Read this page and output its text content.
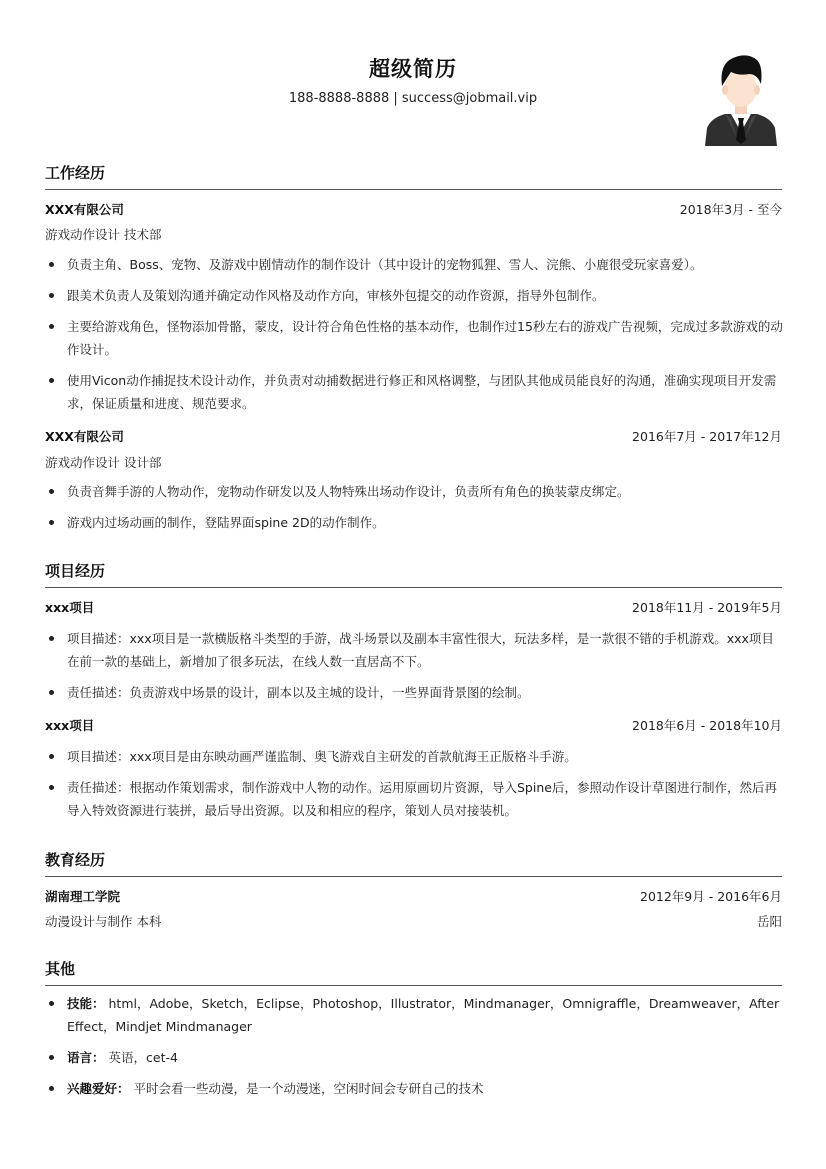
超级简历
188-8888-8888 | success@jobmail.vip
工作经历
XXX有限公司	2018年3月 - 至今
游戏动作设计 技术部
负责主角、Boss、宠物、及游戏中剧情动作的制作设计（其中设计的宠物狐狸、雪人、浣熊、小鹿很受玩家喜爱）。
跟美术负责人及策划沟通并确定动作风格及动作方向，审核外包提交的动作资源，指导外包制作。
主要给游戏角色，怪物添加骨骼，蒙皮，设计符合角色性格的基本动作，也制作过15秒左右的游戏广告视频，完成过多款游戏的动作设计。
使用Vicon动作捕捉技术设计动作，并负责对动捕数据进行修正和风格调整，与团队其他成员能良好的沟通，准确实现项目开发需求，保证质量和进度、规范要求。
XXX有限公司	2016年7月 - 2017年12月
游戏动作设计 设计部
负责音舞手游的人物动作，宠物动作研发以及人物特殊出场动作设计，负责所有角色的换装蒙皮绑定。
游戏内过场动画的制作，登陆界面spine 2D的动作制作。
项目经历
xxx项目	2018年11月 - 2019年5月
项目描述：xxx项目是一款横版格斗类型的手游，战斗场景以及副本丰富性很大，玩法多样，是一款很不错的手机游戏。xxx项目在前一款的基础上，新增加了很多玩法，在线人数一直居高不下。
责任描述：负责游戏中场景的设计，副本以及主城的设计，一些界面背景图的绘制。
xxx项目	2018年6月 - 2018年10月
项目描述：xxx项目是由东映动画严谨监制、奥飞游戏自主研发的首款航海王正版格斗手游。
责任描述：根据动作策划需求，制作游戏中人物的动作。运用原画切片资源，导入Spine后，参照动作设计草图进行制作，然后再导入特效资源进行装拼，最后导出资源。以及和相应的程序，策划人员对接装机。
教育经历
湖南理工学院	2012年9月 - 2016年6月
动漫设计与制作 本科	岳阳
其他
技能： html，Adobe，Sketch，Eclipse，Photoshop，Illustrator，Mindmanager，Omnigraffle，Dreamweaver，After Effect，Mindjet Mindmanager
语言： 英语，cet-4
兴趣爱好： 平时会看一些动漫，是一个动漫迷，空闲时间会专研自己的技术
